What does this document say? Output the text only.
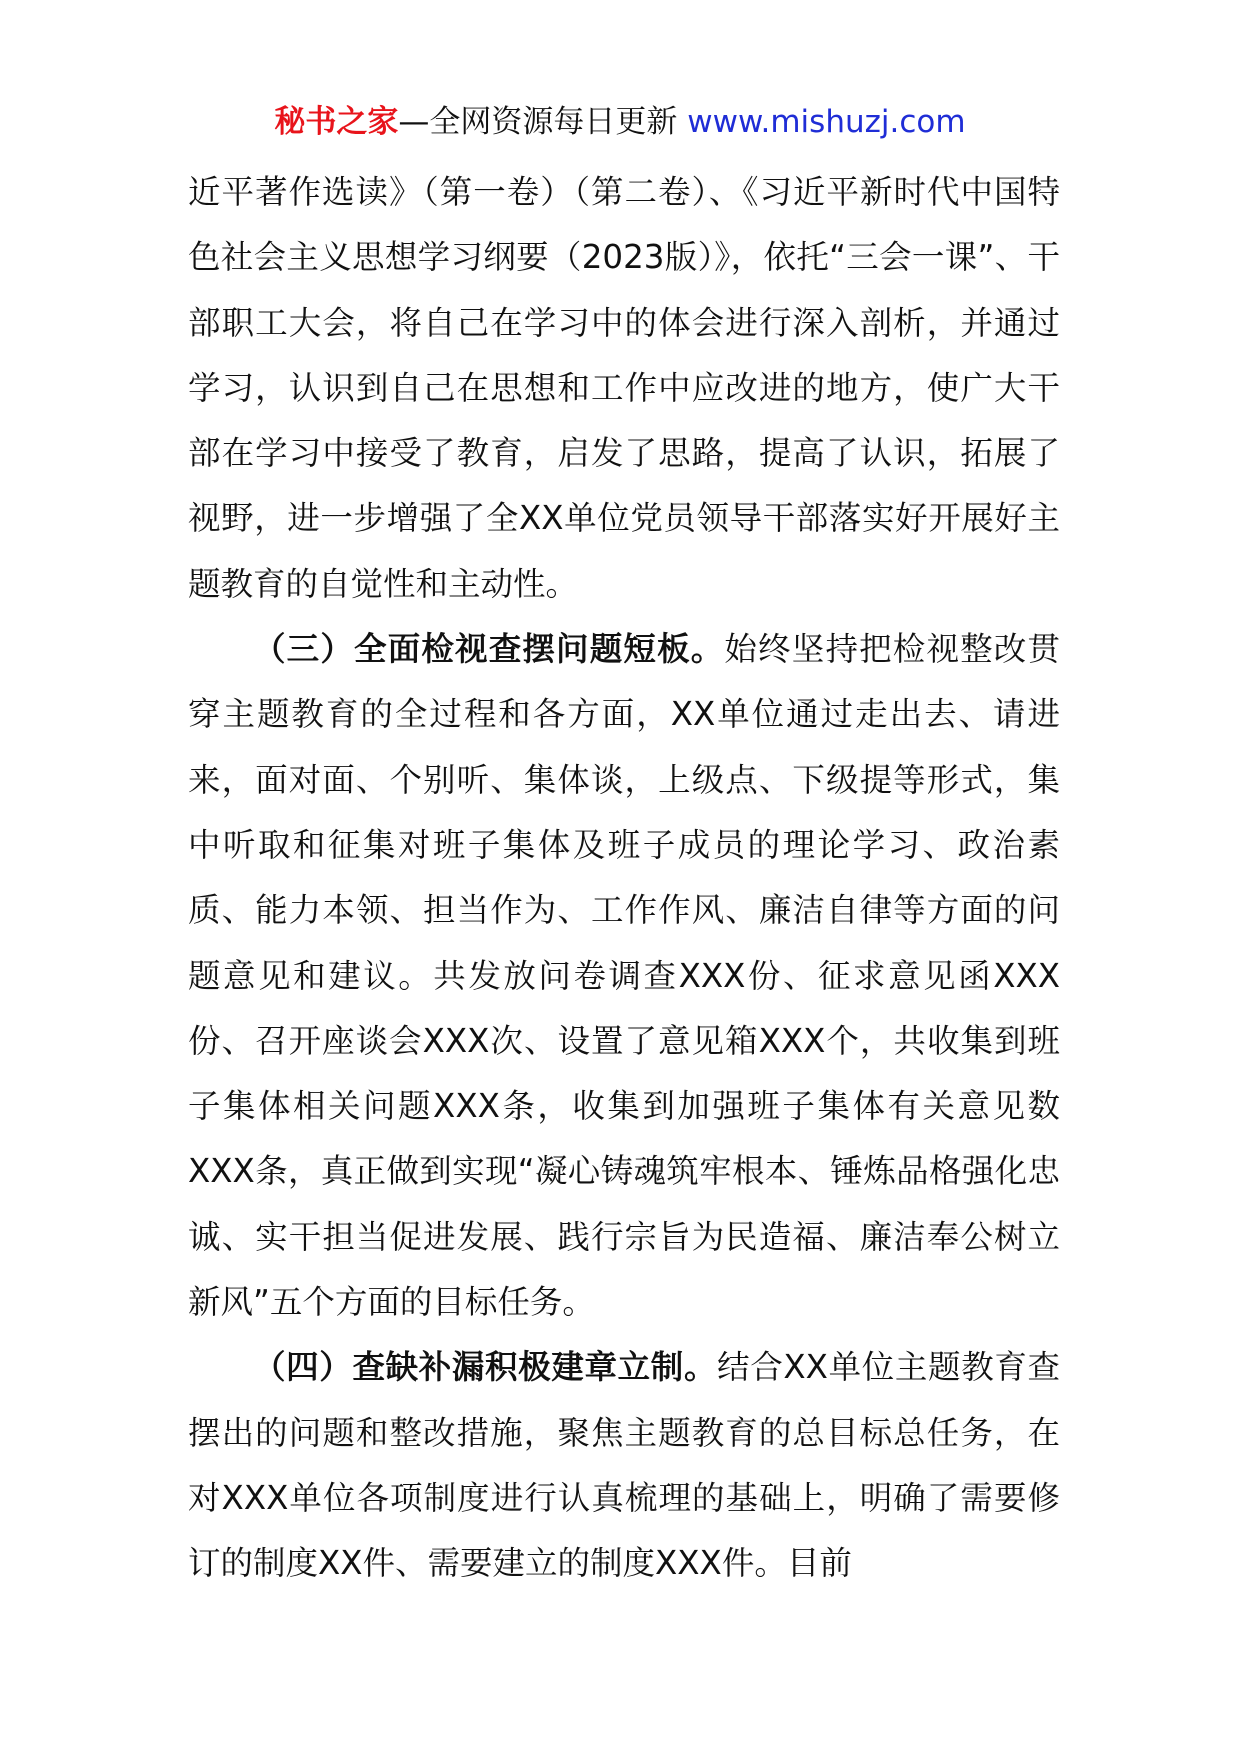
秘书之家—全网资源每日更新 www.mishuzj.com

近平著作选读》（第一卷）（第二卷）、《习近平新时代中国特色社会主义思想学习纲要（2023版）》，依托“三会一课”、干部职工大会，将自己在学习中的体会进行深入剖析，并通过学习，认识到自己在思想和工作中应改进的地方，使广大干部在学习中接受了教育，启发了思路，提高了认识，拓展了视野，进一步增强了全XX单位党员领导干部落实好开展好主题教育的自觉性和主动性。

（三）全面检视查摆问题短板。始终坚持把检视整改贯穿主题教育的全过程和各方面，XX单位通过走出去、请进来，面对面、个别听、集体谈，上级点、下级提等形式，集中听取和征集对班子集体及班子成员的理论学习、政治素质、能力本领、担当作为、工作作风、廉洁自律等方面的问题意见和建议。共发放问卷调查XXX份、征求意见函XXX份、召开座谈会XXX次、设置了意见箱XXX个，共收集到班子集体相关问题XXX条，收集到加强班子集体有关意见数XXX条，真正做到实现“凝心铸魂筑牢根本、锤炼品格强化忠诚、实干担当促进发展、践行宗旨为民造福、廉洁奉公树立新风”五个方面的目标任务。

（四）查缺补漏积极建章立制。结合XX单位主题教育查摆出的问题和整改措施，聚焦主题教育的总目标总任务，在对XXX单位各项制度进行认真梳理的基础上，明确了需要修订的制度XX件、需要建立的制度XXX件。目前
